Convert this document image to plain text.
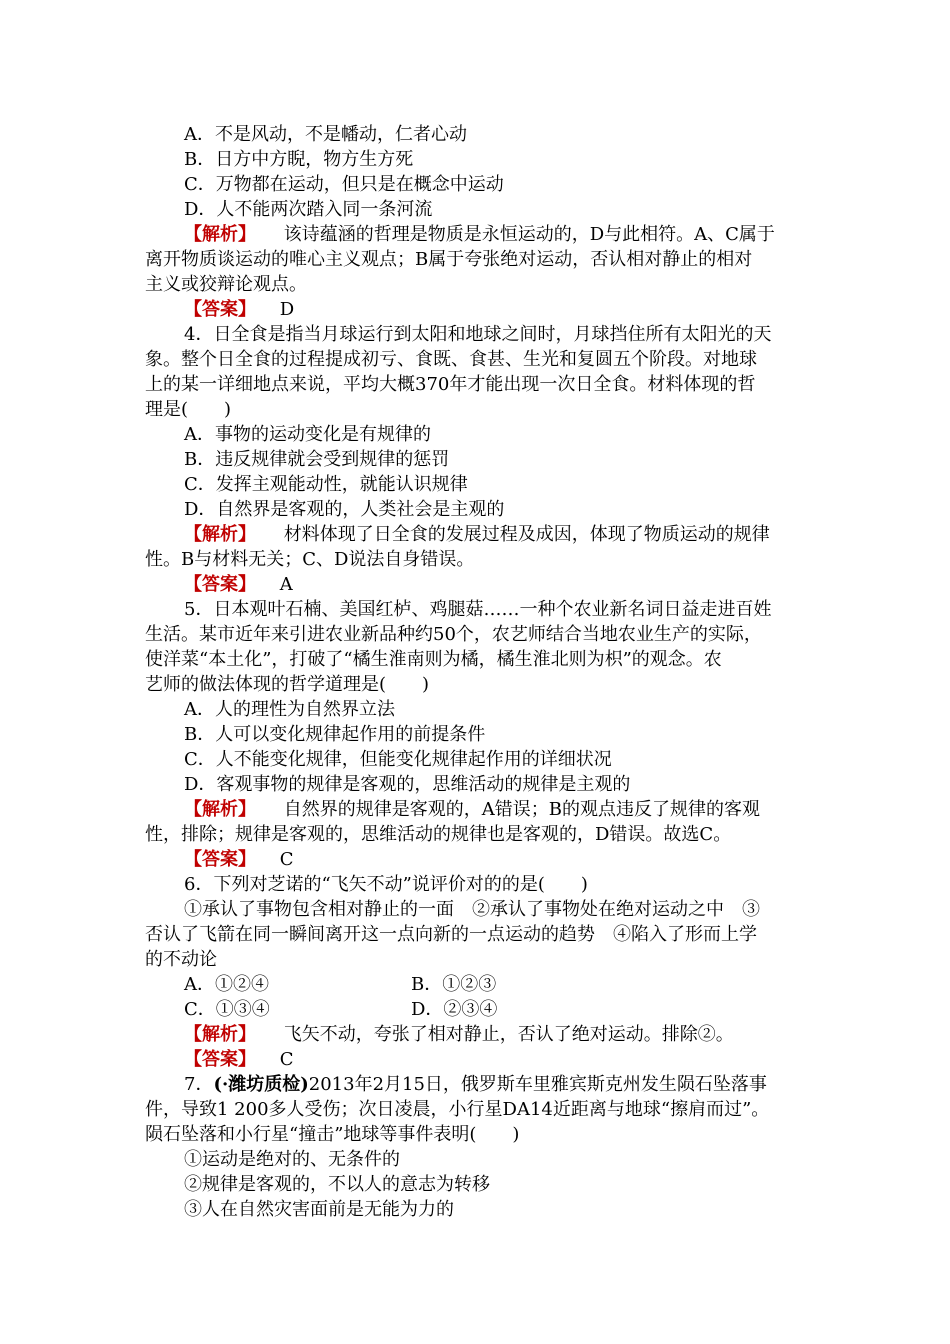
A．不是风动，不是幡动，仁者心动
B．日方中方睨，物方生方死
C．万物都在运动，但只是在概念中运动
D．人不能两次踏入同一条河流
【解析】 该诗蕴涵的哲理是物质是永恒运动的，D与此相符。A、C属于
离开物质谈运动的唯心主义观点；B属于夸张绝对运动，否认相对静止的相对
主义或狡辩论观点。
【答案】 D
4．日全食是指当月球运行到太阳和地球之间时，月球挡住所有太阳光的天
象。整个日全食的过程提成初亏、食既、食甚、生光和复圆五个阶段。对地球
上的某一详细地点来说，平均大概370年才能出现一次日全食。材料体现的哲
理是(　　)
A．事物的运动变化是有规律的
B．违反规律就会受到规律的惩罚
C．发挥主观能动性，就能认识规律
D．自然界是客观的，人类社会是主观的
【解析】 材料体现了日全食的发展过程及成因，体现了物质运动的规律
性。B与材料无关；C、D说法自身错误。
【答案】 A
5．日本观叶石楠、美国红栌、鸡腿菇……一种个农业新名词日益走进百姓
生活。某市近年来引进农业新品种约50个，农艺师结合当地农业生产的实际，
使洋菜“本土化”，打破了“橘生淮南则为橘，橘生淮北则为枳”的观念。农
艺师的做法体现的哲学道理是(　　)
A．人的理性为自然界立法
B．人可以变化规律起作用的前提条件
C．人不能变化规律，但能变化规律起作用的详细状况
D．客观事物的规律是客观的，思维活动的规律是主观的
【解析】 自然界的规律是客观的，A错误；B的观点违反了规律的客观
性，排除；规律是客观的，思维活动的规律也是客观的，D错误。故选C。
【答案】 C
6．下列对芝诺的“飞矢不动”说评价对的的是(　　)
①承认了事物包含相对静止的一面　②承认了事物处在绝对运动之中　③
否认了飞箭在同一瞬间离开这一点向新的一点运动的趋势　④陷入了形而上学
的不动论
A．①②④	B．①②③
C．①③④	D．②③④
【解析】 飞矢不动，夸张了相对静止，否认了绝对运动。排除②。
【答案】 C
7．(·潍坊质检)2013年2月15日，俄罗斯车里雅宾斯克州发生陨石坠落事
件，导致1 200多人受伤；次日凌晨，小行星DA14近距离与地球“擦肩而过”。
陨石坠落和小行星“撞击”地球等事件表明(　　)
①运动是绝对的、无条件的
②规律是客观的，不以人的意志为转移
③人在自然灾害面前是无能为力的
